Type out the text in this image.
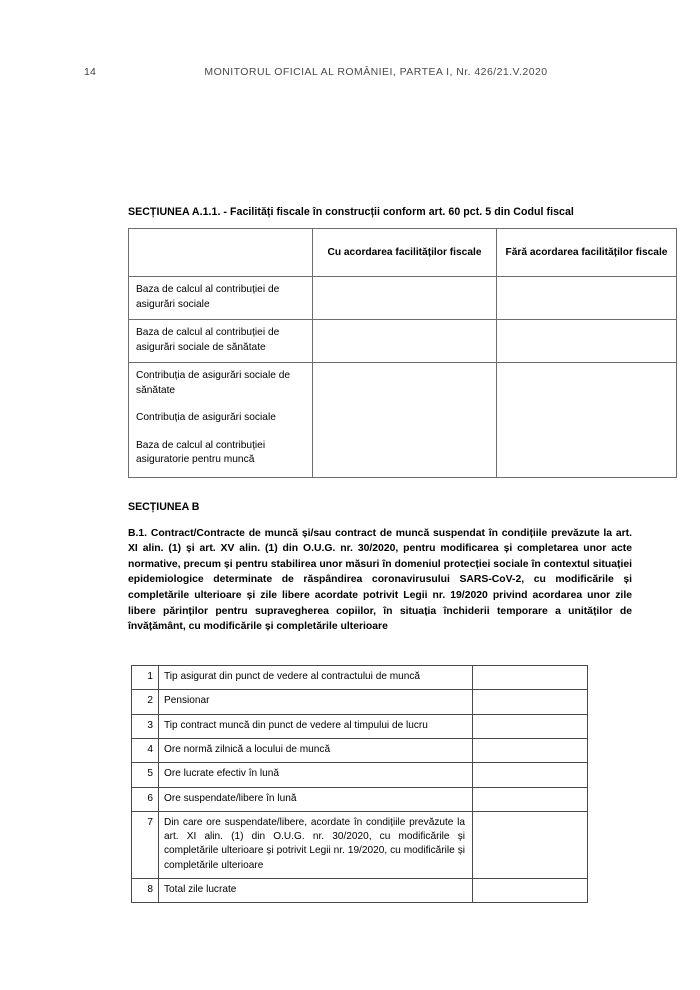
14	MONITORUL OFICIAL AL ROMÂNIEI, PARTEA I, Nr. 426/21.V.2020
SECȚIUNEA A.1.1. - Facilități fiscale în construcții conform art. 60 pct. 5 din Codul fiscal
	Cu acordarea facilităților fiscale	Fără acordarea facilităților fiscale
Baza de calcul al contribuției de asigurări sociale		
Baza de calcul al contribuției de asigurări sociale de sănătate		

Contribuția de asigurări sociale de sănătate

Contribuția de asigurări sociale

Baza de calcul al contribuției asiguratorie pentru muncă		

SECȚIUNEA B

B.1. Contract/Contracte de muncă și/sau contract de muncă suspendat în condițiile prevăzute la art. XI alin. (1) și art. XV alin. (1) din O.U.G. nr. 30/2020, pentru modificarea și completarea unor acte normative, precum și pentru stabilirea unor măsuri în domeniul protecției sociale în contextul situației epidemiologice determinate de răspândirea coronavirusului SARS-CoV-2, cu modificările și completările ulterioare și zile libere acordate potrivit Legii nr. 19/2020 privind acordarea unor zile libere părinților pentru supravegherea copiilor, în situația închiderii temporare a unităților de învățământ, cu modificările și completările ulterioare

1	Tip asigurat din punct de vedere al contractului de muncă	
2	Pensionar	
3	Tip contract muncă din punct de vedere al timpului de lucru	
4	Ore normă zilnică a locului de muncă	
5	Ore lucrate efectiv în lună	
6	Ore suspendate/libere în lună	
7	Din care ore suspendate/libere, acordate în condițiile prevăzute la art. XI alin. (1) din O.U.G. nr. 30/2020, cu modificările și completările ulterioare și potrivit Legii nr. 19/2020, cu modificările și completările ulterioare	
8	Total zile lucrate	
